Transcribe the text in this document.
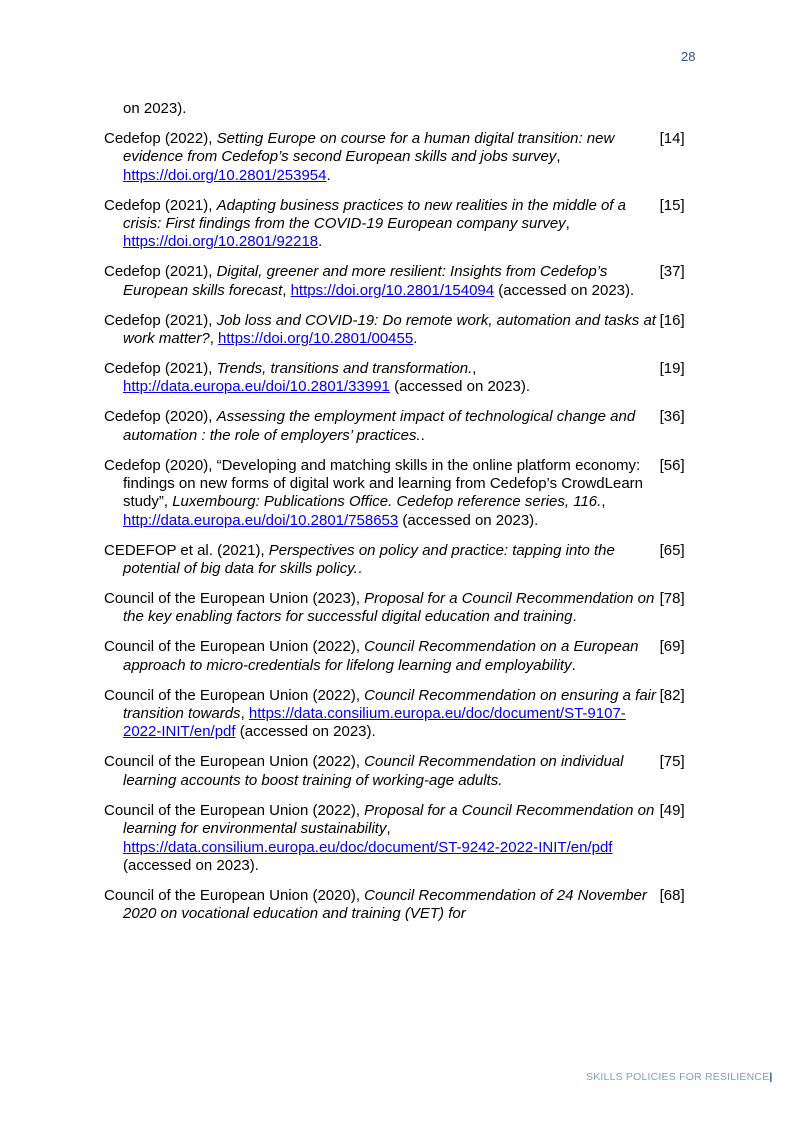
28
on 2023).
Cedefop (2022), Setting Europe on course for a human digital transition: new evidence from Cedefop’s second European skills and jobs survey, https://doi.org/10.2801/253954.
[14]
Cedefop (2021), Adapting business practices to new realities in the middle of a crisis: First findings from the COVID-19 European company survey, https://doi.org/10.2801/92218.
[15]
Cedefop (2021), Digital, greener and more resilient: Insights from Cedefop’s European skills forecast, https://doi.org/10.2801/154094 (accessed on 2023).
[37]
Cedefop (2021), Job loss and COVID-19: Do remote work, automation and tasks at work matter?, https://doi.org/10.2801/00455.
[16]
Cedefop (2021), Trends, transitions and transformation., http://data.europa.eu/doi/10.2801/33991 (accessed on 2023).
[19]
Cedefop (2020), Assessing the employment impact of technological change and automation : the role of employers’ practices..
[36]
Cedefop (2020), “Developing and matching skills in the online platform economy: findings on new forms of digital work and learning from Cedefop’s CrowdLearn study”, Luxembourg: Publications Office. Cedefop reference series, 116., http://data.europa.eu/doi/10.2801/758653 (accessed on 2023).
[56]
CEDEFOP et al. (2021), Perspectives on policy and practice: tapping into the potential of big data for skills policy..
[65]
Council of the European Union (2023), Proposal for a Council Recommendation on the key enabling factors for successful digital education and training.
[78]
Council of the European Union (2022), Council Recommendation on a European approach to micro-credentials for lifelong learning and employability.
[69]
Council of the European Union (2022), Council Recommendation on ensuring a fair transition towards, https://data.consilium.europa.eu/doc/document/ST-9107-2022-INIT/en/pdf (accessed on 2023).
[82]
Council of the European Union (2022), Council Recommendation on individual learning accounts to boost training of working-age adults.
[75]
Council of the European Union (2022), Proposal for a Council Recommendation on learning for environmental sustainability, https://data.consilium.europa.eu/doc/document/ST-9242-2022-INIT/en/pdf (accessed on 2023).
[49]
Council of the European Union (2020), Council Recommendation of 24 November 2020 on vocational education and training (VET) for
[68]
SKILLS POLICIES FOR RESILIENCE|
